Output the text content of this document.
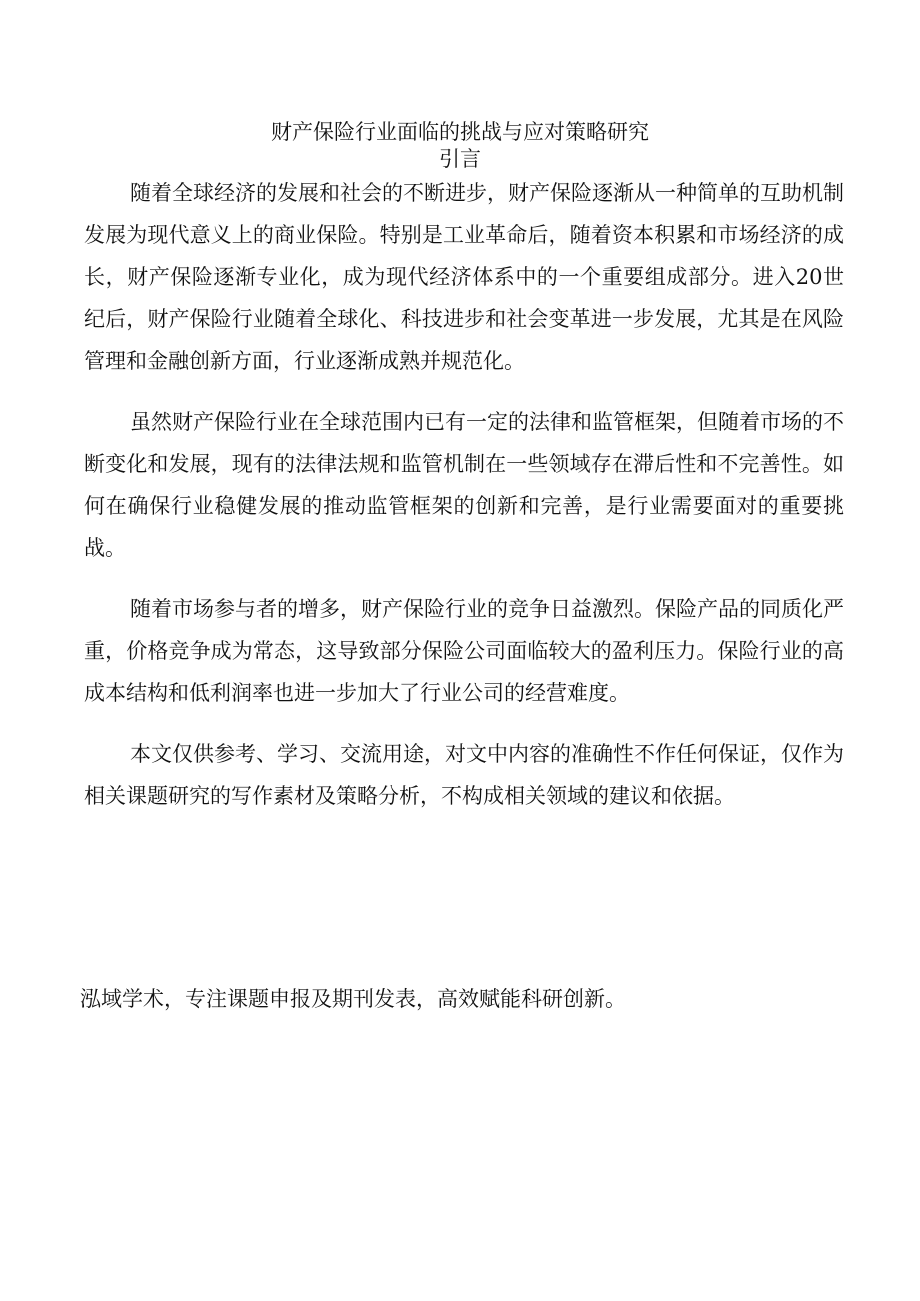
财产保险行业面临的挑战与应对策略研究
引言

随着全球经济的发展和社会的不断进步，财产保险逐渐从一种简单的互助机制发展为现代意义上的商业保险。特别是工业革命后，随着资本积累和市场经济的成长，财产保险逐渐专业化，成为现代经济体系中的一个重要组成部分。进入20世纪后，财产保险行业随着全球化、科技进步和社会变革进一步发展，尤其是在风险管理和金融创新方面，行业逐渐成熟并规范化。

虽然财产保险行业在全球范围内已有一定的法律和监管框架，但随着市场的不断变化和发展，现有的法律法规和监管机制在一些领域存在滞后性和不完善性。如何在确保行业稳健发展的推动监管框架的创新和完善，是行业需要面对的重要挑战。

随着市场参与者的增多，财产保险行业的竞争日益激烈。保险产品的同质化严重，价格竞争成为常态，这导致部分保险公司面临较大的盈利压力。保险行业的高成本结构和低利润率也进一步加大了行业公司的经营难度。

本文仅供参考、学习、交流用途，对文中内容的准确性不作任何保证，仅作为相关课题研究的写作素材及策略分析，不构成相关领域的建议和依据。

泓域学术，专注课题申报及期刊发表，高效赋能科研创新。
